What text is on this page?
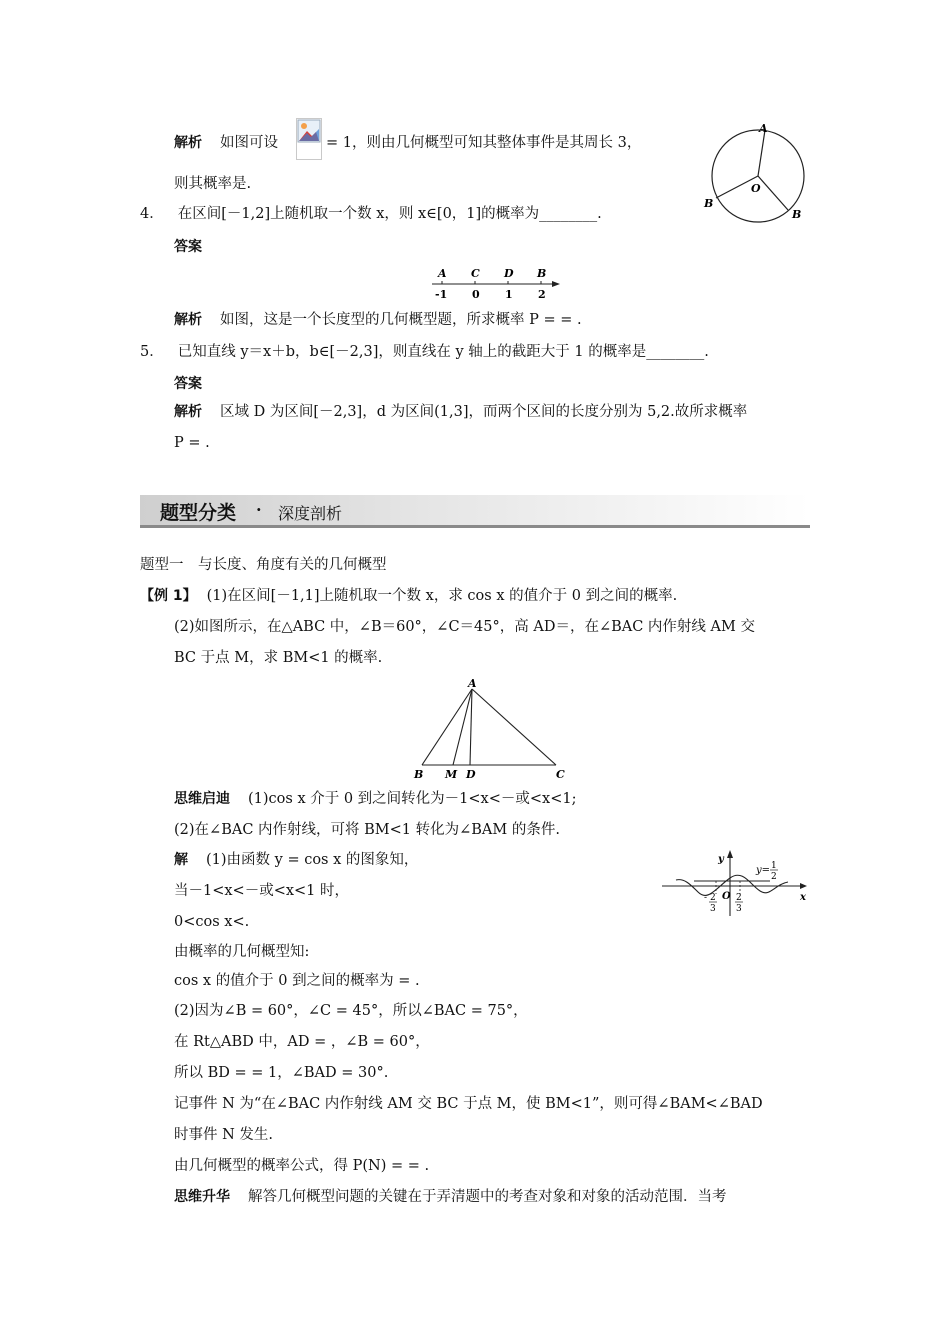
解析 如图可设	= 1，则由几何概型可知其整体事件是其周长 3，
则其概率是.
A
O
B
B
4． 在区间[－1,2]上随机取一个数 x，则 x∈[0，1]的概率为________.
答案
A C D B
-1 0 1 2
解析 如图，这是一个长度型的几何概型题，所求概率 P = = .
5． 已知直线 y＝x＋b，b∈[－2,3]，则直线在 y 轴上的截距大于 1 的概率是________.
答案
解析 区域 D 为区间[－2,3]，d 为区间(1,3]，而两个区间的长度分别为 5,2.故所求概率
P = .
题型分类 · 深度剖析
题型一　与长度、角度有关的几何概型
【例 1】 (1)在区间[－1,1]上随机取一个数 x，求 cos x 的值介于 0 到之间的概率.
(2)如图所示，在△ABC 中，∠B＝60°，∠C＝45°，高 AD＝，在∠BAC 内作射线 AM 交
BC 于点 M，求 BM<1 的概率.
A
B M D	C
思维启迪 (1)cos x 介于 0 到之间转化为－1<x<－或<x<1;
(2)在∠BAC 内作射线，可将 BM<1 转化为∠BAM 的条件.
解 (1)由函数 y = cos x 的图象知，
当－1<x<－或<x<1 时，
0<cos x<.
由概率的几何概型知:
cos x 的值介于 0 到之间的概率为 = .
(2)因为∠B = 60°，∠C = 45°，所以∠BAC = 75°，
在 Rt△ABD 中，AD = ，∠B = 60°，
所以 BD = = 1，∠BAD = 30°.
记事件 N 为“在∠BAC 内作射线 AM 交 BC 于点 M，使 BM<1”，则可得∠BAM<∠BAD
时事件 N 发生.
由几何概型的概率公式，得 P(N) = = .
y
x
O
y= 1
2
- 2
3
2
3
思维升华 解答几何概型问题的关键在于弄清题中的考查对象和对象的活动范围．当考
